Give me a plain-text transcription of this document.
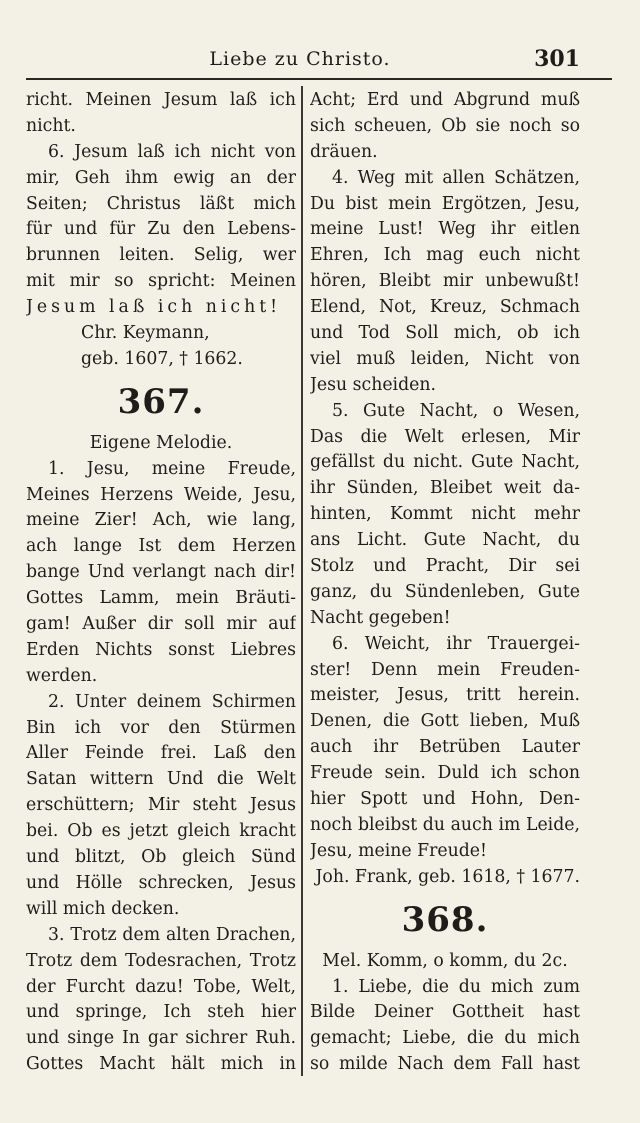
Liebe zu Christo.	301
richt. Meinen Jesum laß ich
nicht.
6. Jesum laß ich nicht von
mir, Geh ihm ewig an der
Seiten; Christus läßt mich
für und für Zu den Lebens-
brunnen leiten. Selig, wer
mit mir so spricht: Meinen
Jesum laß ich nicht!
Chr. Keymann,
geb. 1607, † 1662.
367.
Eigene Melodie.
1. Jesu, meine Freude,
Meines Herzens Weide, Jesu,
meine Zier! Ach, wie lang,
ach lange Ist dem Herzen
bange Und verlangt nach dir!
Gottes Lamm, mein Bräuti-
gam! Außer dir soll mir auf
Erden Nichts sonst Liebres
werden.
2. Unter deinem Schirmen
Bin ich vor den Stürmen
Aller Feinde frei. Laß den
Satan wittern Und die Welt
erschüttern; Mir steht Jesus
bei. Ob es jetzt gleich kracht
und blitzt, Ob gleich Sünd
und Hölle schrecken, Jesus
will mich decken.
3. Trotz dem alten Drachen,
Trotz dem Todesrachen, Trotz
der Furcht dazu! Tobe, Welt,
und springe, Ich steh hier
und singe In gar sichrer Ruh.
Gottes Macht hält mich in
Acht; Erd und Abgrund muß
sich scheuen, Ob sie noch so
dräuen.
4. Weg mit allen Schätzen,
Du bist mein Ergötzen, Jesu,
meine Lust! Weg ihr eitlen
Ehren, Ich mag euch nicht
hören, Bleibt mir unbewußt!
Elend, Not, Kreuz, Schmach
und Tod Soll mich, ob ich
viel muß leiden, Nicht von
Jesu scheiden.
5. Gute Nacht, o Wesen,
Das die Welt erlesen, Mir
gefällst du nicht. Gute Nacht,
ihr Sünden, Bleibet weit da-
hinten, Kommt nicht mehr
ans Licht. Gute Nacht, du
Stolz und Pracht, Dir sei
ganz, du Sündenleben, Gute
Nacht gegeben!
6. Weicht, ihr Trauergei-
ster! Denn mein Freuden-
meister, Jesus, tritt herein.
Denen, die Gott lieben, Muß
auch ihr Betrüben Lauter
Freude sein. Duld ich schon
hier Spott und Hohn, Den-
noch bleibst du auch im Leide,
Jesu, meine Freude!
Joh. Frank, geb. 1618, † 1677.
368.
Mel. Komm, o komm, du 2c.
1. Liebe, die du mich zum
Bilde Deiner Gottheit hast
gemacht; Liebe, die du mich
so milde Nach dem Fall hast
